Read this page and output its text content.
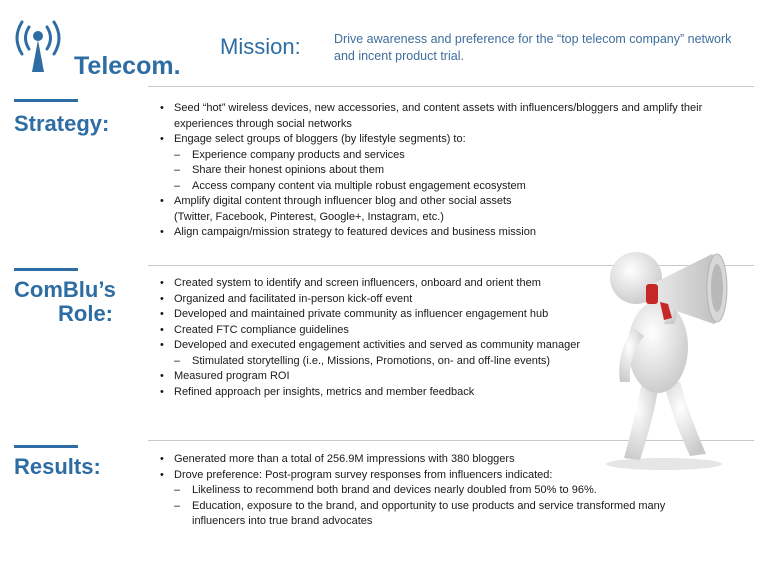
Telecom.
Mission:	Drive awareness and preference for the “top telecom company” network and incent product trial.
Strategy:
• Seed “hot” wireless devices, new accessories, and content assets with influencers/bloggers and amplify their
experiences through social networks
• Engage select groups of bloggers (by lifestyle segments) to:
– Experience company products and services
– Share their honest opinions about them
– Access company content via multiple robust engagement ecosystem
• Amplify digital content through influencer blog and other social assets
(Twitter, Facebook, Pinterest, Google+, Instagram, etc.)
• Align campaign/mission strategy to featured devices and business mission
ComBlu’s
Role:
• Created system to identify and screen influencers, onboard and orient them
• Organized and facilitated in-person kick-off event
• Developed and maintained private community as influencer engagement hub
• Created FTC compliance guidelines
• Developed and executed engagement activities and served as community manager
– Stimulated storytelling (i.e., Missions, Promotions, on- and off-line events)
• Measured program ROI
• Refined approach per insights, metrics and member feedback
Results:
•	Generated more than a total of 256.9M impressions with 380 bloggers
• Drove preference: Post-program survey responses from influencers indicated:
– Likeliness to recommend both brand and devices nearly doubled from 50% to 96%.
– Education, exposure to the brand, and opportunity to use products and service transformed many
influencers into true brand advocates
